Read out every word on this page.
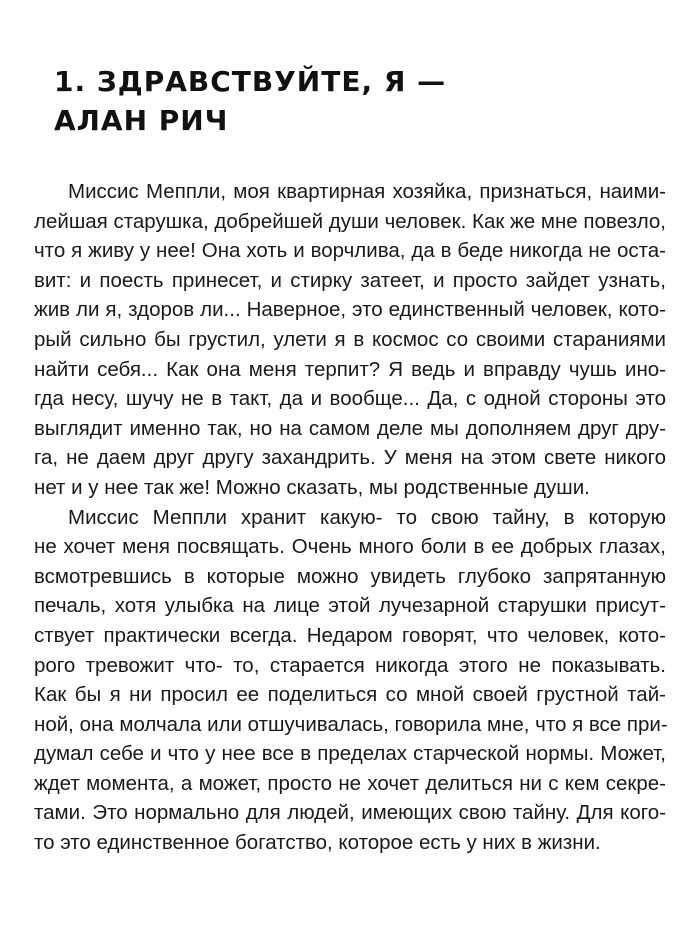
1. ЗДРАВСТВУЙТЕ, Я —
АЛАН РИЧ
Миссис Меппли, моя квартирная хозяйка, признаться, наими-
лейшая старушка, добрейшей души человек. Как же мне повезло,
что я живу у нее! Она хоть и ворчлива, да в беде никогда не оста-
вит: и поесть принесет, и стирку затеет, и просто зайдет узнать,
жив ли я, здоров ли... Наверное, это единственный человек, кото-
рый сильно бы грустил, улети я в космос со своими стараниями
найти себя... Как она меня терпит? Я ведь и вправду чушь ино-
гда несу, шучу не в такт, да и вообще... Да, с одной стороны это
выглядит именно так, но на самом деле мы дополняем друг дру-
га, не даем друг другу захандрить. У меня на этом свете никого
нет и у нее так же! Можно сказать, мы родственные души.
Миссис Меппли хранит какую- то свою тайну, в которую
не хочет меня посвящать. Очень много боли в ее добрых глазах,
всмотревшись в которые можно увидеть глубоко запрятанную
печаль, хотя улыбка на лице этой лучезарной старушки присут-
ствует практически всегда. Недаром говорят, что человек, кото-
рого тревожит что- то, старается никогда этого не показывать.
Как бы я ни просил ее поделиться со мной своей грустной тай-
ной, она молчала или отшучивалась, говорила мне, что я все при-
думал себе и что у нее все в пределах старческой нормы. Может,
ждет момента, а может, просто не хочет делиться ни с кем секре-
тами. Это нормально для людей, имеющих свою тайну. Для кого-
то это единственное богатство, которое есть у них в жизни.
